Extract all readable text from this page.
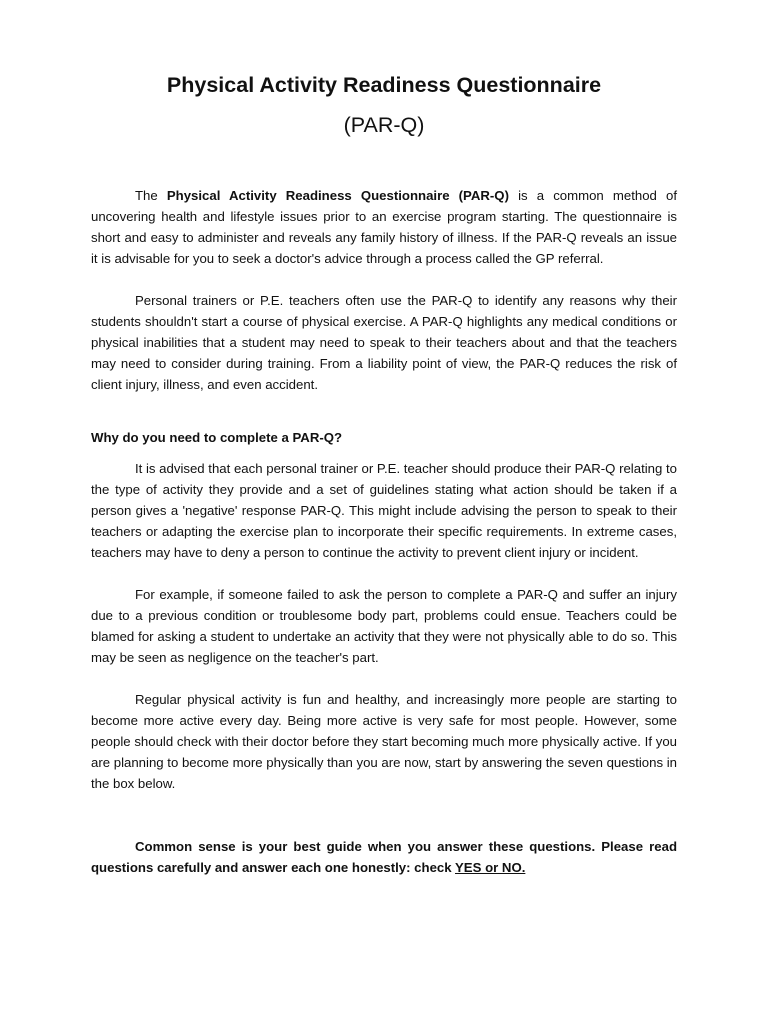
Physical Activity Readiness Questionnaire
(PAR-Q)

The Physical Activity Readiness Questionnaire (PAR-Q) is a common method of uncovering health and lifestyle issues prior to an exercise program starting. The questionnaire is short and easy to administer and reveals any family history of illness. If the PAR-Q reveals an issue it is advisable for you to seek a doctor's advice through a process called the GP referral.

Personal trainers or P.E. teachers often use the PAR-Q to identify any reasons why their students shouldn't start a course of physical exercise. A PAR-Q highlights any medical conditions or physical inabilities that a student may need to speak to their teachers about and that the teachers may need to consider during training. From a liability point of view, the PAR-Q reduces the risk of client injury, illness, and even accident.

Why do you need to complete a PAR-Q?

It is advised that each personal trainer or P.E. teacher should produce their PAR-Q relating to the type of activity they provide and a set of guidelines stating what action should be taken if a person gives a 'negative' response PAR-Q. This might include advising the person to speak to their teachers or adapting the exercise plan to incorporate their specific requirements. In extreme cases, teachers may have to deny a person to continue the activity to prevent client injury or incident.

For example, if someone failed to ask the person to complete a PAR-Q and suffer an injury due to a previous condition or troublesome body part, problems could ensue. Teachers could be blamed for asking a student to undertake an activity that they were not physically able to do so. This may be seen as negligence on the teacher's part.

Regular physical activity is fun and healthy, and increasingly more people are starting to become more active every day. Being more active is very safe for most people. However, some people should check with their doctor before they start becoming much more physically active. If you are planning to become more physically than you are now, start by answering the seven questions in the box below.

Common sense is your best guide when you answer these questions. Please read questions carefully and answer each one honestly: check YES or NO.
